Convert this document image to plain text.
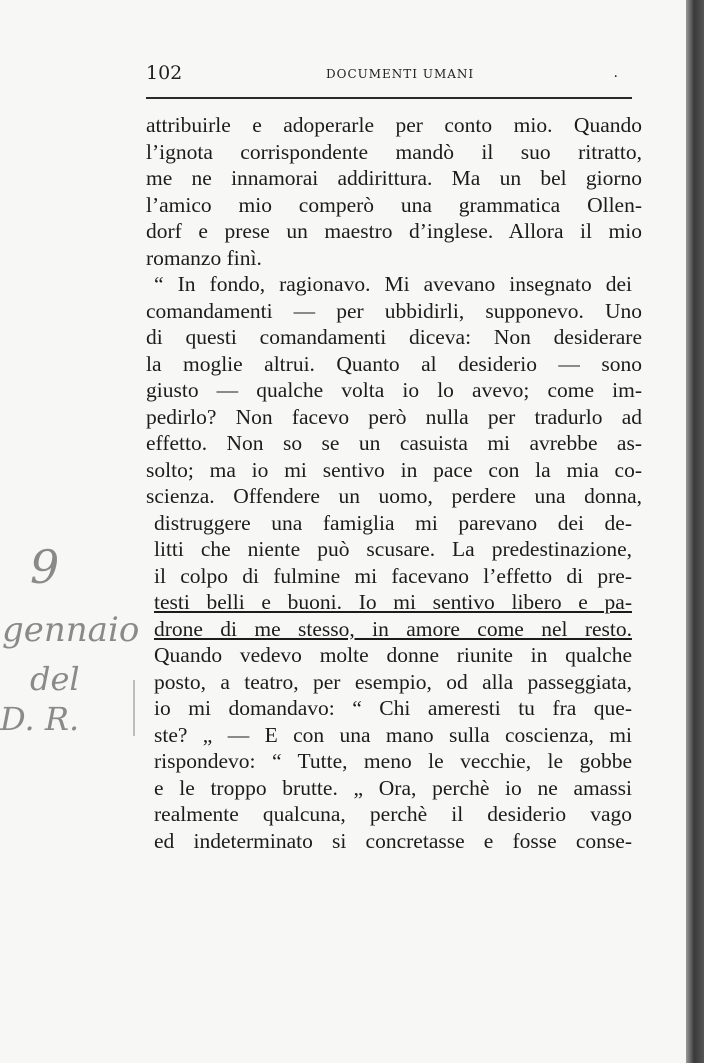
102	DOCUMENTI UMANI	.
attribuirle e adoperarle per conto mio. Quando
l’ignota corrispondente mandò il suo ritratto,
me ne innamorai addirittura. Ma un bel giorno
l’amico mio comperò una grammatica Ollen-
dorf e prese un maestro d’inglese. Allora il mio
romanzo finì.
“ In fondo, ragionavo. Mi avevano insegnato dei
comandamenti — per ubbidirli, supponevo. Uno
di questi comandamenti diceva: Non desiderare
la moglie altrui. Quanto al desiderio — sono
giusto — qualche volta io lo avevo; come im-
pedirlo? Non facevo però nulla per tradurlo ad
effetto. Non so se un casuista mi avrebbe as-
solto; ma io mi sentivo in pace con la mia co-
scienza. Offendere un uomo, perdere una donna,
distruggere una famiglia mi parevano dei de-
litti che niente può scusare. La predestinazione,
il colpo di fulmine mi facevano l’effetto di pre-
testi belli e buoni. Io mi sentivo libero e pa-
drone di me stesso, in amore come nel resto.
Quando vedevo molte donne riunite in qualche
posto, a teatro, per esempio, od alla passeggiata,
io mi domandavo: “ Chi ameresti tu fra que-
ste? „ — E con una mano sulla coscienza, mi
rispondevo: “ Tutte, meno le vecchie, le gobbe
e le troppo brutte. „ Ora, perchè io ne amassi
realmente qualcuna, perchè il desiderio vago
ed indeterminato si concretasse e fosse conse-
9
gennaio
del
D. R.
